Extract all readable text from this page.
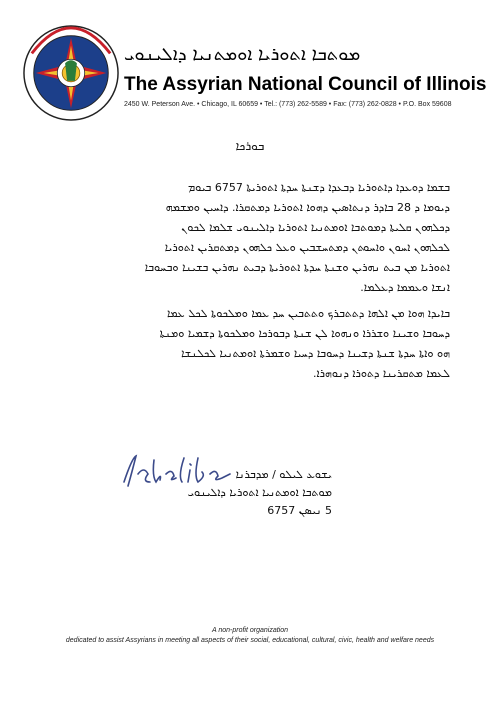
ܡܘܬܒܐ ܐܬܘܪܝܐ ܐܘܡܬܢܝܐ ܕܐܠܝܢܘܝ
The Assyrian National Council of Illinois
2450 W. Peterson Ave. • Chicago, IL 60659 • Tel.: (773) 262-5589 • Fax: (773) 262-0828 • P.O. Box 59608
ܒܘܪܟܐ
ܒܫܡܐ ܕܘܥܕܐ ܕܐܬܘܪܝܐ ܕܒܥܕܐ ܕܫܢܬܐ ܚܕܬܐ ܐܬܘܪܝܬܐ 6757 ܒܝܘܡ
ܕܝܘܡܐ ܕ 28 ܒܐܕܪ ܕܢܬܐܣܝܢ ܕܗܘܐ ܐܬܘܪܝܐ ܕܡܬܩܪܐ. ܕܐܚܝܢ ܘܡܫܡܗ
ܕܟܠܗܘܢ ܩܠܝܬܐ ܕܡܘܬܒܐ ܐܘܡܬܢܝܐ ܐܬܘܪܝܐ ܕܐܠܝܢܘܝ ܫܠܡܐ ܠܟܘܢ
ܠܟܠܗܘܢ ܐܚܘܢ ܘܐܚܘܬܢ ܕܡܬܚܫܒܝܢ ܘܥܠ ܟܠܗܘܢ ܕܡܬܩܪܝܢ ܐܬܘܪܝܐ
ܐܬܘܪܝܐ ܡܢ ܒܝܬ ܢܗܪܝܢ ܘܫܢܬܐ ܚܕܬܐ ܐܬܘܪܝܬܐ ܕܒܝܬ ܢܗܪܝܢ ܒܫܝܢܐ ܘܒܚܘܒܐ
ܐܢܫܐ ܘܥܡܡܐ ܕܥܠܡܐ.
ܒܐܝܕܐ ܗܘܐ ܡܢ ܐܠܗܐ ܕܬܬܒܪܟ ܘܬܬܒܝܢ ܚܕ ܥܡܐ ܘܡܠܟܘܬܐ ܠܟܠ ܥܡܐ
ܕܚܘܒܐ ܘܫܝܢܐ ܘܫܪܪܐ ܘܢܗܘܐ ܠܢ ܫܢܬܐ ܕܒܘܪܟܐ ܘܡܠܟܘܬܐ ܕܫܡܝܐ ܘܡܢܬܐ
ܗܘ ܘܐܬܐ ܚܕܬܐ ܫܢܬܐ ܕܫܝܢܐ ܕܚܘܒܐ ܕܚܝܐ ܘܫܡܪܬܐ ܐܘܡܬܢܝܐ ܠܟܠܢܫܐ
ܠܥܡܐ ܡܬܩܪܝܢܐ ܕܬܘܪܐ ܕܢܘܗܪܐ.
ܝܫܘܥ ܠܝܠܘ / ܡܕܒܪܢܐ
ܡܘܬܒܐ ܐܘܡܬܢܝܐ ܐܬܘܪܝܐ ܕܐܠܝܢܘܝ
5 ܢܝܣܢ 6757
A non-profit organization
dedicated to assist Assyrians in meeting all aspects of their social, educational, cultural, civic, health and welfare needs
